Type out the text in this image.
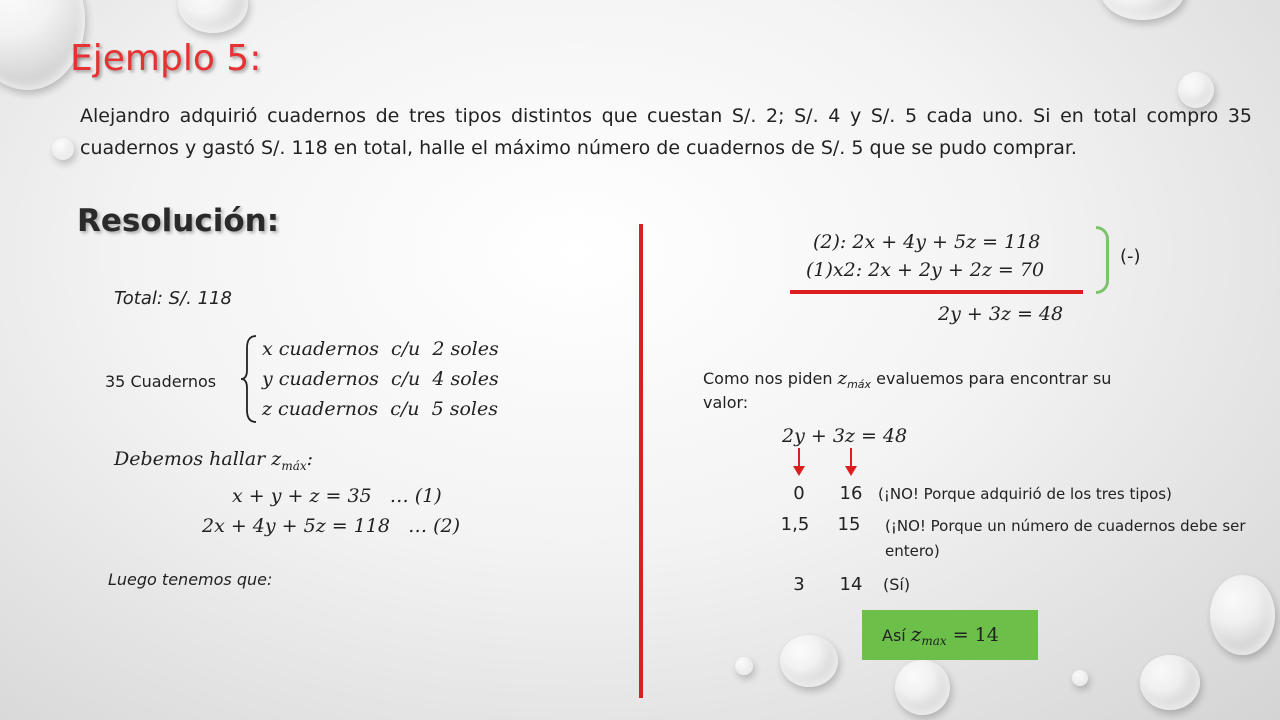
Ejemplo 5:
Alejandro adquirió cuadernos de tres tipos distintos que cuestan S/. 2; S/. 4 y S/. 5 cada uno. Si en total compro 35 cuadernos y gastó S/. 118 en total, halle el máximo número de cuadernos de S/. 5 que se pudo comprar.
Resolución:
Total: S/. 118
35 Cuadernos
x cuadernos  c/u  2 soles
y cuadernos  c/u  4 soles
z cuadernos  c/u  5 soles
Debemos hallar $z_{máx}$:
x + y + z = 35   … (1)
2x + 4y + 5z = 118   … (2)
Luego tenemos que:
(2): 2x + 4y + 5z = 118
(1)x2: 2x + 2y + 2z = 70
(-)
2y + 3z = 48
Como nos piden $z_{máx}$ evaluemos para encontrar su
valor:
2y + 3z = 48
0	16	(¡NO! Porque adquirió de los tres tipos)
1,5	15	(¡NO! Porque un número de cuadernos debe ser entero)
3	14	(Sí)
Así $z_{max} = 14$
